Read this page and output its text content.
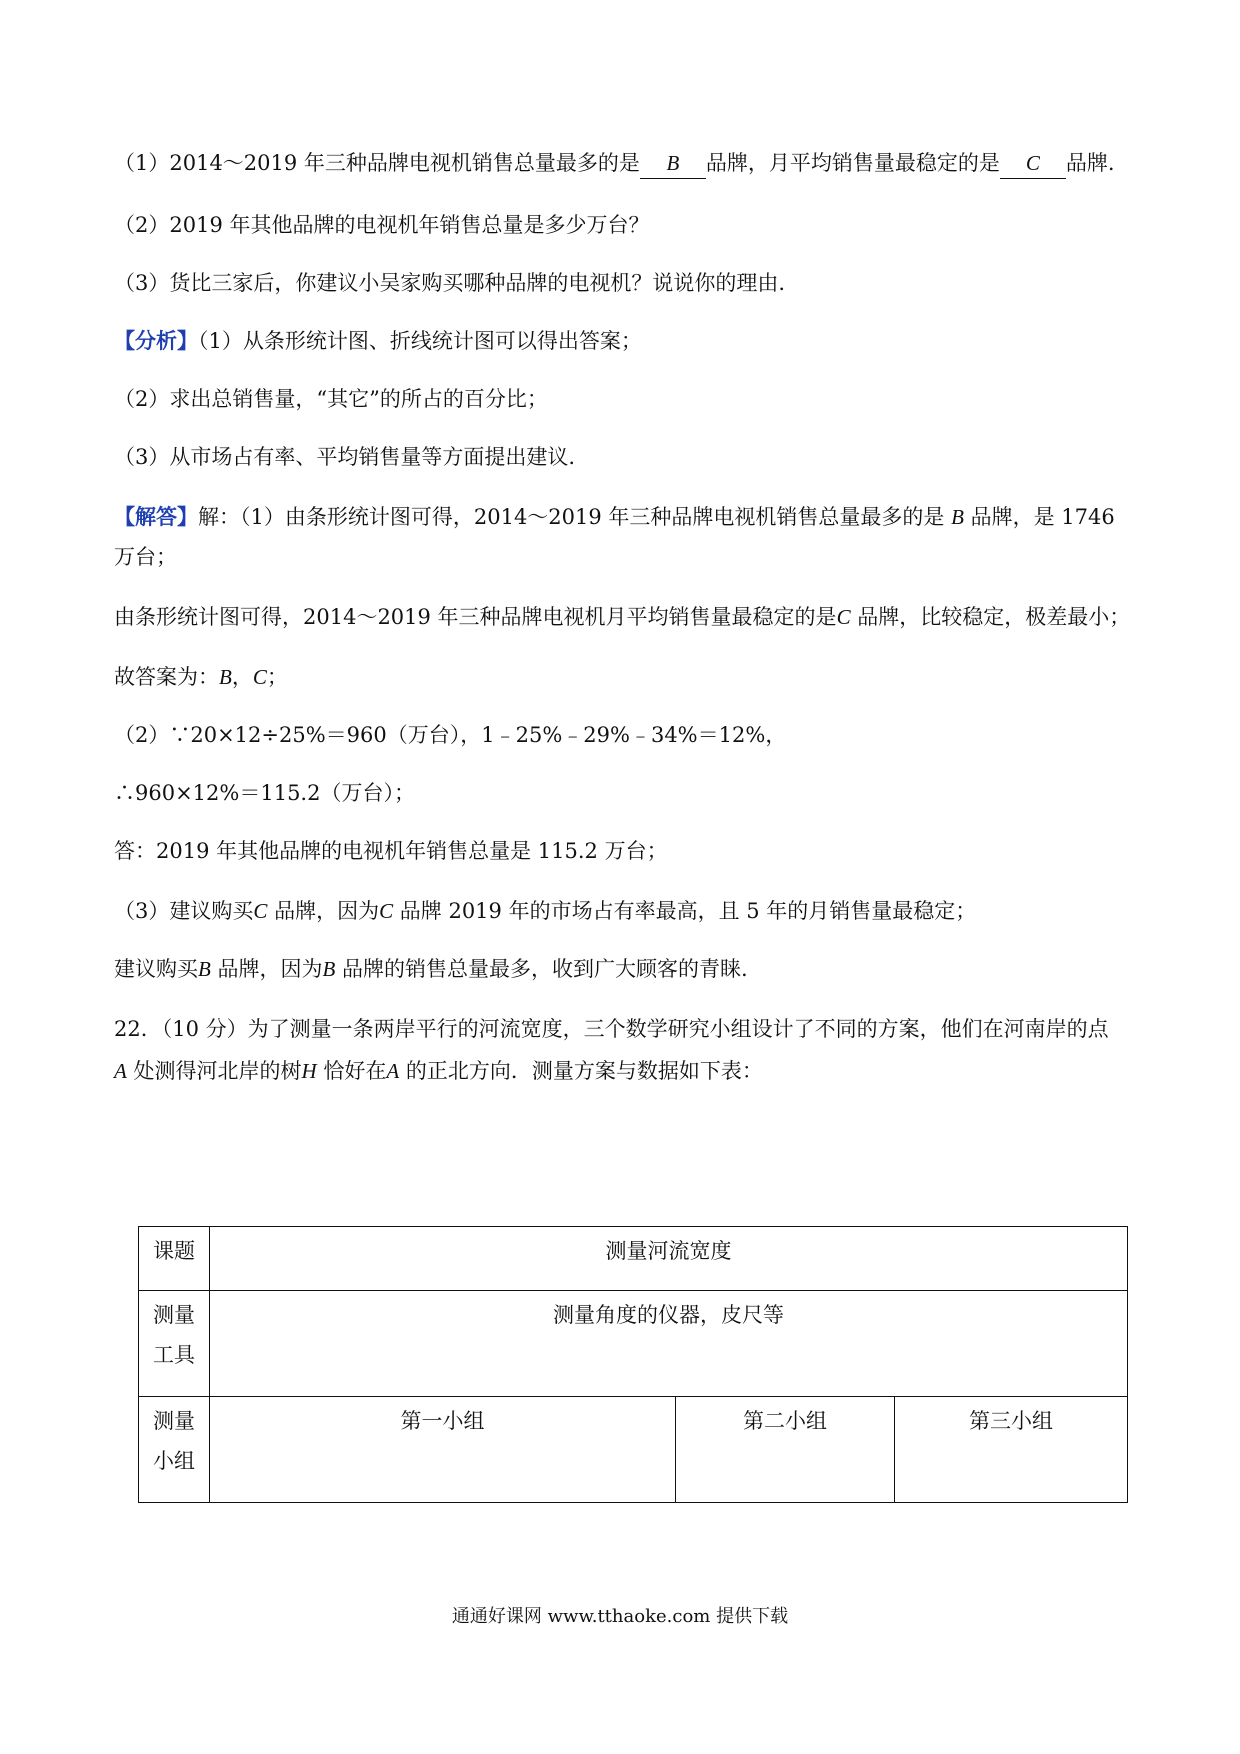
（1）2014～2019 年三种品牌电视机销售总量最多的是 B 品牌，月平均销售量最稳定的是 C 品牌.
（2）2019 年其他品牌的电视机年销售总量是多少万台？
（3）货比三家后，你建议小吴家购买哪种品牌的电视机？说说你的理由.
【分析】（1）从条形统计图、折线统计图可以得出答案；
（2）求出总销售量，“其它”的所占的百分比；
（3）从市场占有率、平均销售量等方面提出建议.
【解答】解：（1）由条形统计图可得，2014～2019 年三种品牌电视机销售总量最多的是 B 品牌，是 1746
万台；
由条形统计图可得，2014～2019 年三种品牌电视机月平均销售量最稳定的是C 品牌，比较稳定，极差最小；
故答案为：B，C；
（2）∵20×12÷25%＝960（万台），1﹣25%﹣29%﹣34%＝12%，
∴960×12%＝115.2（万台）；
答：2019 年其他品牌的电视机年销售总量是 115.2 万台；
（3）建议购买C 品牌，因为C 品牌 2019 年的市场占有率最高，且 5 年的月销售量最稳定；
建议购买B 品牌，因为B 品牌的销售总量最多，收到广大顾客的青睐.
22．（10 分）为了测量一条两岸平行的河流宽度，三个数学研究小组设计了不同的方案，他们在河南岸的点
A 处测得河北岸的树H 恰好在A 的正北方向．测量方案与数据如下表：
课题	测量河流宽度		

测量
工具	测量角度的仪器，皮尺等		

测量
小组	第一小组	第二小组	第三小组
通通好课网 www.tthaoke.com 提供下载
